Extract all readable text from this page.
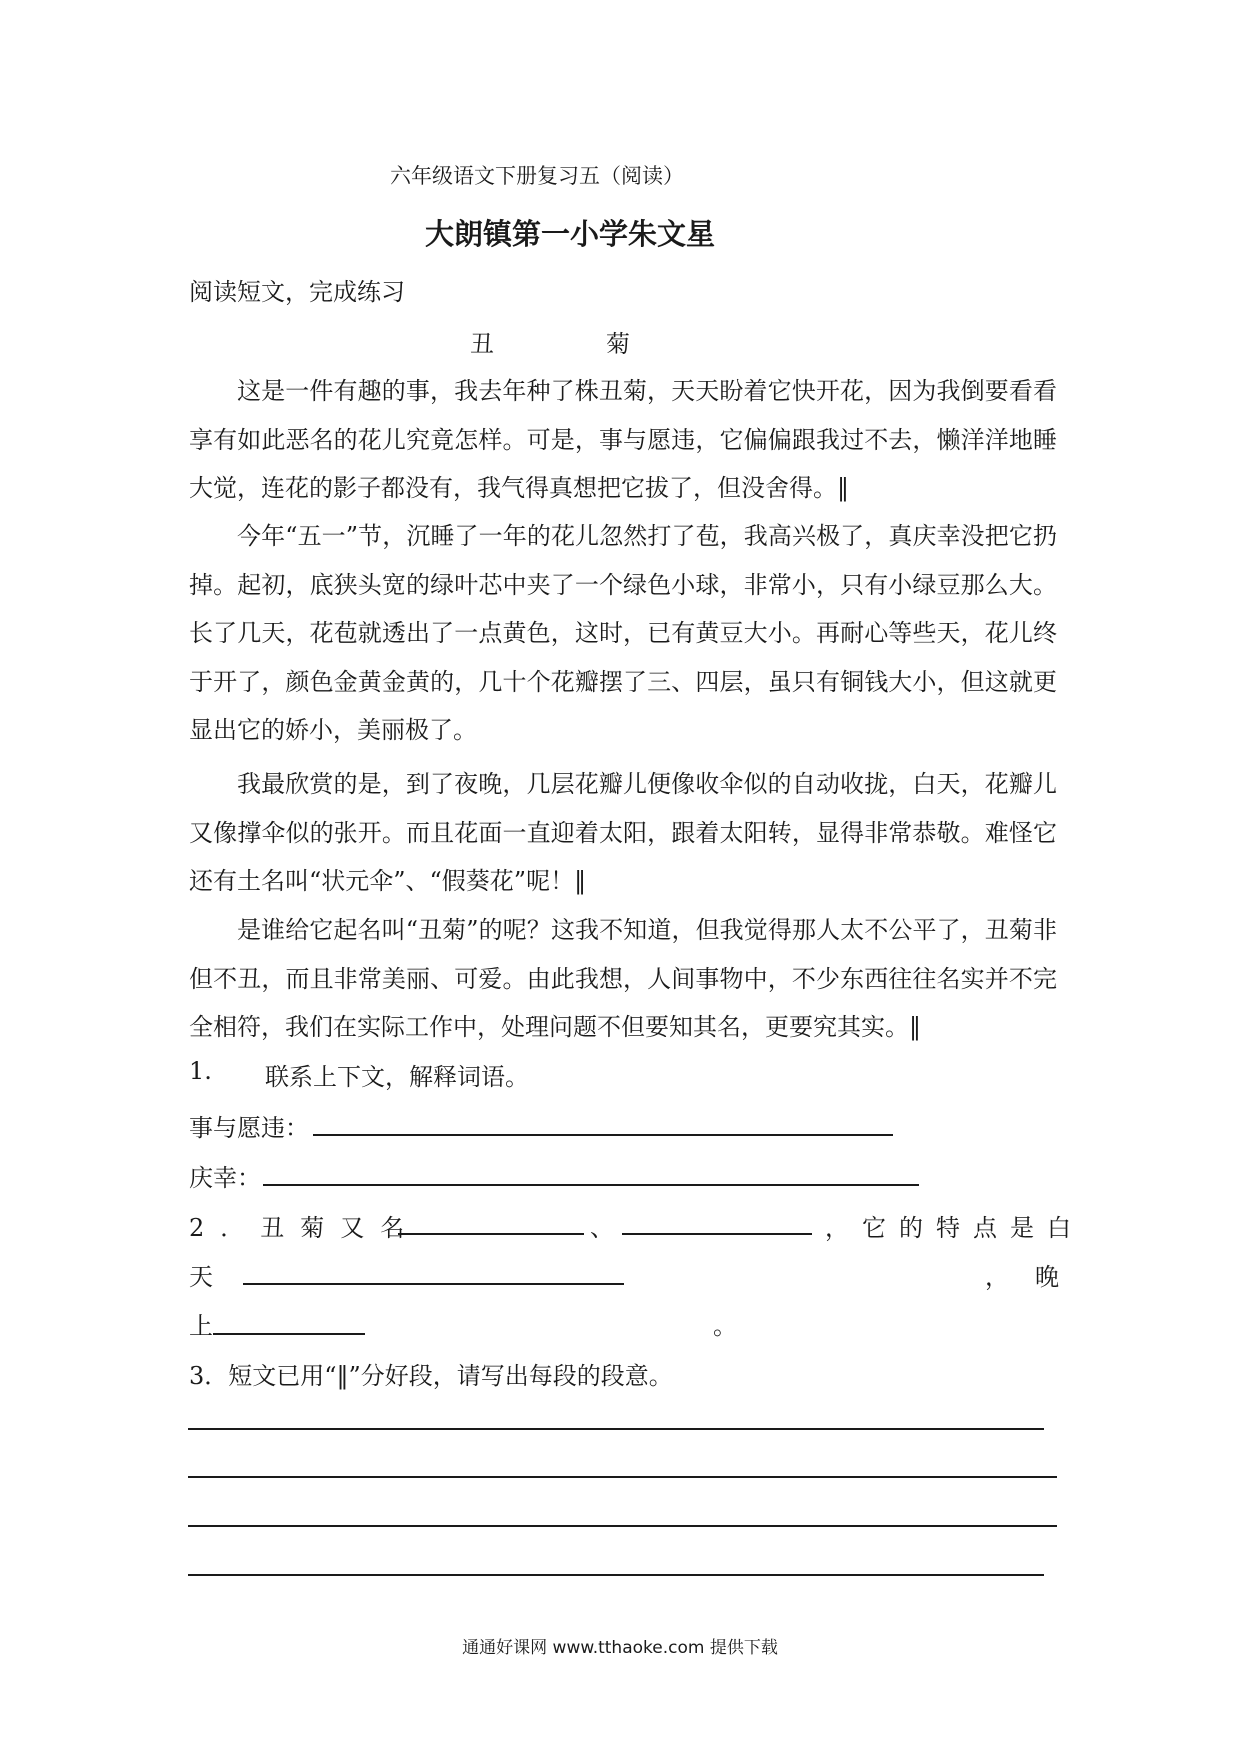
六年级语文下册复习五（阅读）

大朗镇第一小学朱文星

阅读短文，完成练习

丑　菊

这是一件有趣的事，我去年种了株丑菊，天天盼着它快开花，因为我倒要看看享有如此恶名的花儿究竟怎样。可是，事与愿违，它偏偏跟我过不去，懒洋洋地睡大觉，连花的影子都没有，我气得真想把它拔了，但没舍得。‖

今年“五一”节，沉睡了一年的花儿忽然打了苞，我高兴极了，真庆幸没把它扔掉。起初，底狭头宽的绿叶芯中夹了一个绿色小球，非常小，只有小绿豆那么大。长了几天，花苞就透出了一点黄色，这时，已有黄豆大小。再耐心等些天，花儿终于开了，颜色金黄金黄的，几十个花瓣摆了三、四层，虽只有铜钱大小，但这就更显出它的娇小，美丽极了。

我最欣赏的是，到了夜晚，几层花瓣儿便像收伞似的自动收拢，白天，花瓣儿又像撑伞似的张开。而且花面一直迎着太阳，跟着太阳转，显得非常恭敬。难怪它还有土名叫“状元伞”、“假葵花”呢！‖

是谁给它起名叫“丑菊”的呢？这我不知道，但我觉得那人太不公平了，丑菊非但不丑，而且非常美丽、可爱。由此我想，人间事物中，不少东西往往名实并不完全相符，我们在实际工作中，处理问题不但要知其名，更要究其实。‖

1. 联系上下文，解释词语。
事与愿违：
庆幸：
2．丑菊又名	、	，它的特点是白
天	， 晚
上	。
3．短文已用“‖”分好段，请写出每段的段意。

通通好课网 www.tthaoke.com 提供下载
